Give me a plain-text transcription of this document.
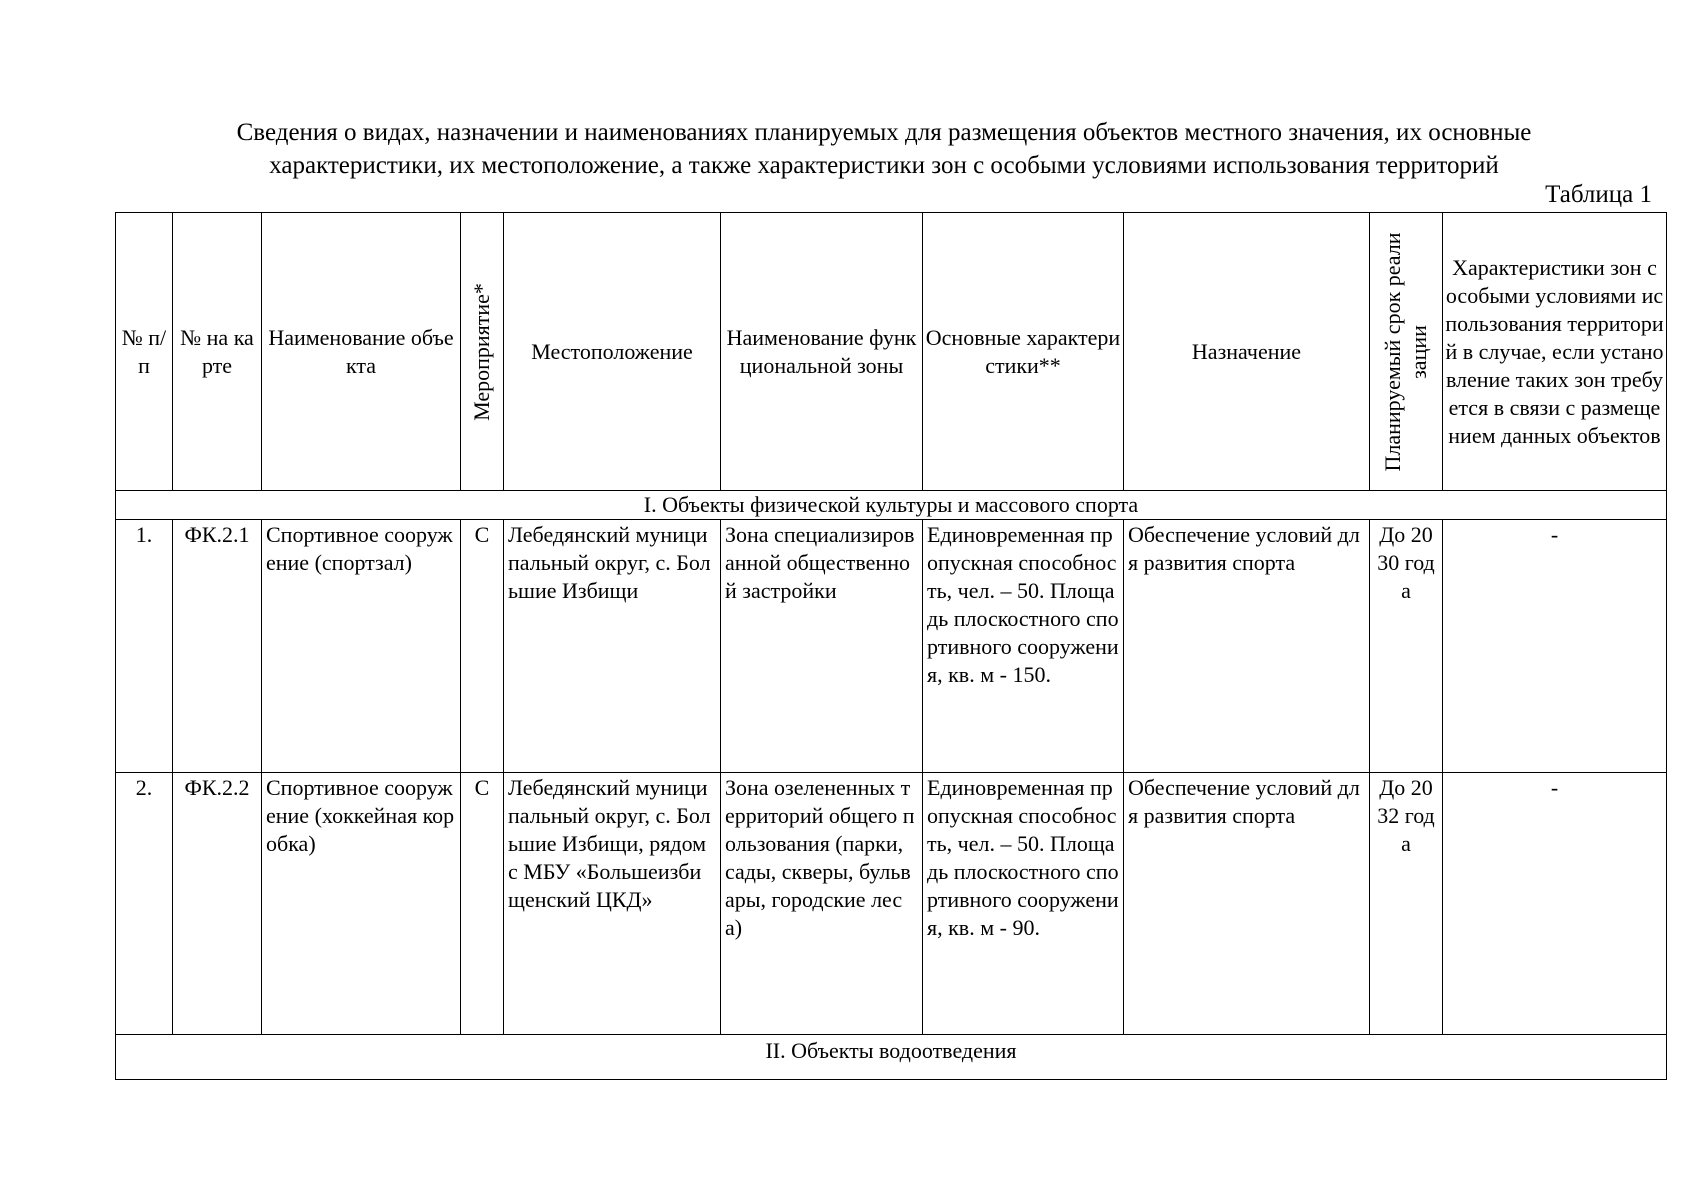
Сведения о видах, назначении и наименованиях планируемых для размещения объектов местного значения, их основные
характеристики, их местоположение, а также характеристики зон с особыми условиями использования территорий
Таблица 1
№ п/п	№ на карте	Наименование объекта	Мероприятие*	Местоположение	Наименование функциональной зоны	Основные характеристики**	Назначение	Планируемый срок реализации	Характеристики зон с особыми условиями использования территорий в случае, если установление таких зон требуется в связи с размещением данных объектов
I. Объекты физической культуры и массового спорта									
1.	ФК.2.1	Спортивное сооружение (спортзал)	С	Лебедянский муниципальный округ, с. Большие Избищи	Зона специализированной общественной застройки	Единовременная пропускная способность, чел. – 50. Площадь плоскостного спортивного сооружения, кв. м - 150.	Обеспечение условий для развития спорта	До 2030 года	-
2.	ФК.2.2	Спортивное сооружение (хоккейная коробка)	С	Лебедянский муниципальный округ, с. Большие Избищи, рядом с МБУ «Большеизбищенский ЦКД»	Зона озелененных территорий общего пользования (парки, сады, скверы, бульвары, городские леса)	Единовременная пропускная способность, чел. – 50. Площадь плоскостного спортивного сооружения, кв. м - 90.	Обеспечение условий для развития спорта	До 2032 года	-
II. Объекты водоотведения									
